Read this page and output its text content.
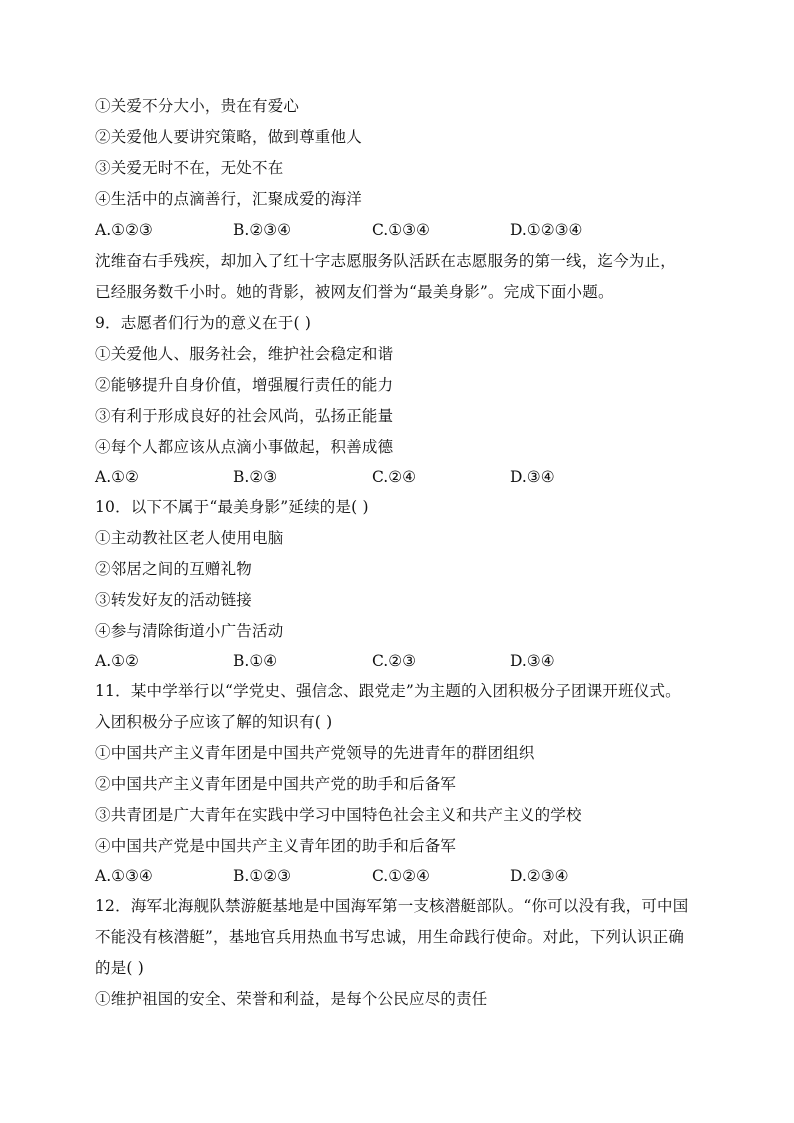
①关爱不分大小，贵在有爱心
②关爱他人要讲究策略，做到尊重他人
③关爱无时不在，无处不在
④生活中的点滴善行，汇聚成爱的海洋
A.①②③	B.②③④	C.①③④	D.①②③④
沈维奋右手残疾，却加入了红十字志愿服务队活跃在志愿服务的第一线，迄今为止，
已经服务数千小时。她的背影，被网友们誉为“最美身影”。完成下面小题。
9．志愿者们行为的意义在于( )
①关爱他人、服务社会，维护社会稳定和谐
②能够提升自身价值，增强履行责任的能力
③有利于形成良好的社会风尚，弘扬正能量
④每个人都应该从点滴小事做起，积善成德
A.①②	B.②③	C.②④	D.③④
10．以下不属于“最美身影”延续的是( )
①主动教社区老人使用电脑
②邻居之间的互赠礼物
③转发好友的活动链接
④参与清除街道小广告活动
A.①②	B.①④	C.②③	D.③④
11．某中学举行以“学党史、强信念、跟党走”为主题的入团积极分子团课开班仪式。
入团积极分子应该了解的知识有( )
①中国共产主义青年团是中国共产党领导的先进青年的群团组织
②中国共产主义青年团是中国共产党的助手和后备军
③共青团是广大青年在实践中学习中国特色社会主义和共产主义的学校
④中国共产党是中国共产主义青年团的助手和后备军
A.①③④	B.①②③	C.①②④	D.②③④
12．海军北海舰队禁游艇基地是中国海军第一支核潜艇部队。“你可以没有我，可中国
不能没有核潜艇”，基地官兵用热血书写忠诚，用生命践行使命。对此，下列认识正确
的是( )
①维护祖国的安全、荣誉和利益，是每个公民应尽的责任
